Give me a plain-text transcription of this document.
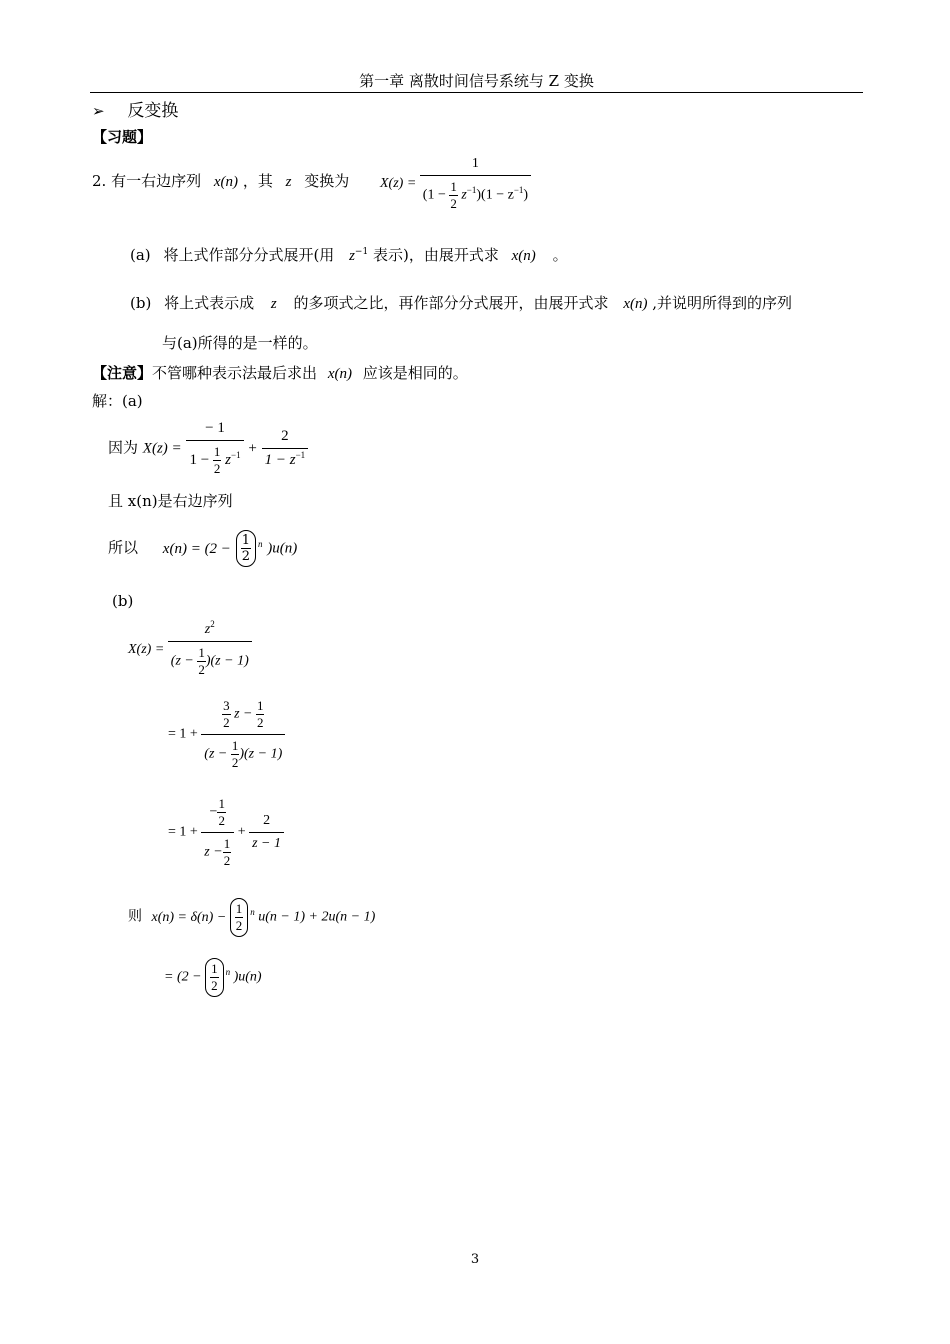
第一章 离散时间信号系统与 Z 变换
➢ 反变换
【习题】
2. 有一右边序列 x(n) ，其 z 变换为 $X(z) = \frac{1}{(1 - \frac{1}{2} z^{-1})(1 - z^{-1})}$
(a) 将上式作部分分式展开(用 $z^{-1}$ 表示)，由展开式求 x(n) 。
(b) 将上式表示成 z 的多项式之比，再作部分分式展开，由展开式求 x(n) ,并说明所得到的序列
与(a)所得的是一样的。
【注意】不管哪种表示法最后求出 x(n) 应该是相同的。
解：(a)
因为 $X(z) = \frac{- 1}{1 - \frac{1}{2} z^{-1}} + \frac{2}{1 - z^{-1}}$
且 x(n)是右边序列
所以 $x(n) = (2 - \frac{1}{2} ^n$ )u(n)
(b)
$X(z) = \frac{z^2}{(z - \frac{1}{2} )(z - 1)}$
= $1 + \frac{\frac{3}{2} z - \frac{1}{2}}{(z - \frac{1}{2} )(z - 1)}$
= $1 + \frac{- \frac{1}{2}}{z - \frac{1}{2}} + \frac{2}{z - 1}$
则 $x(n) = \delta(n) - \frac{1}{2} ^n$ u(n − 1) + 2u(n − 1)
= ($2 - \frac{1}{2} ^n$ )u(n)
3
